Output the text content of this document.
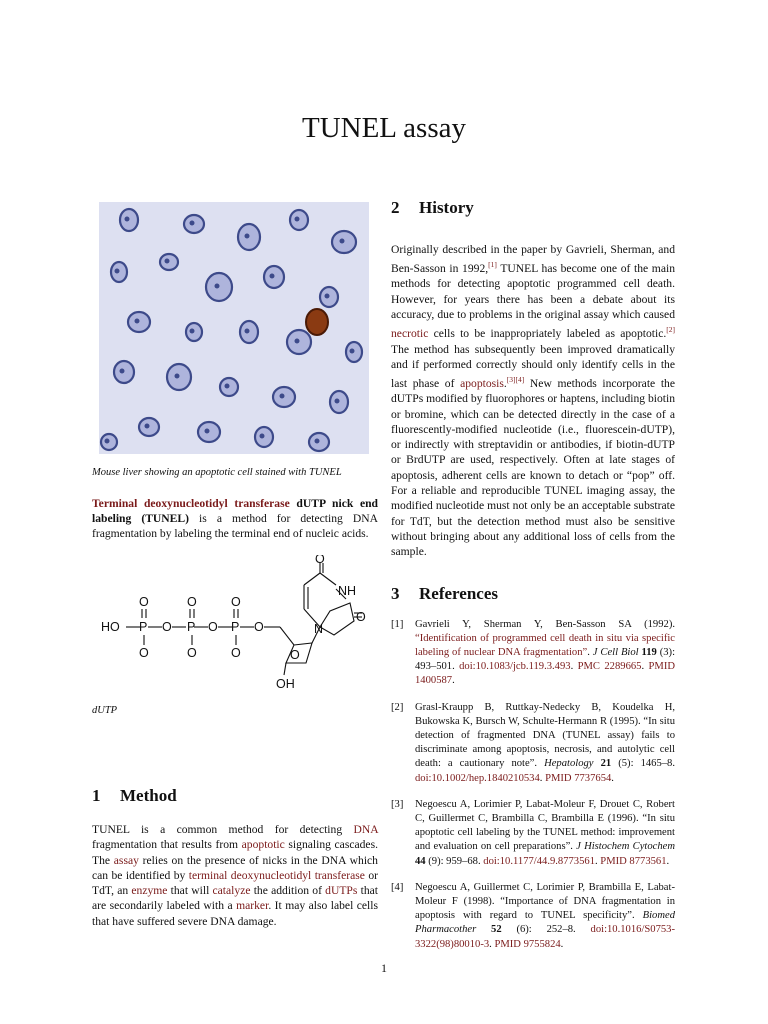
TUNEL assay
Mouse liver showing an apoptotic cell stained with TUNEL

Terminal deoxynucleotidyl transferase dUTP nick end labeling (TUNEL) is a method for detecting DNA fragmentation by labeling the terminal end of nucleic acids.

HO P O P O P O
O	O	O
O	O	O	O
O
NH
N
O
OH
dUTP
1 Method

TUNEL is a common method for detecting DNA fragmentation that results from apoptotic signaling cascades. The assay relies on the presence of nicks in the DNA which can be identified by terminal deoxynucleotidyl transferase or TdT, an enzyme that will catalyze the addition of dUTPs that are secondarily labeled with a marker. It may also label cells that have suffered severe DNA damage.

2 History

Originally described in the paper by Gavrieli, Sherman, and Ben-Sasson in 1992,[1] TUNEL has become one of the main methods for detecting apoptotic programmed cell death. However, for years there has been a debate about its accuracy, due to problems in the original assay which caused necrotic cells to be inappropriately labeled as apoptotic.[2] The method has subsequently been improved dramatically and if performed correctly should only identify cells in the last phase of apoptosis.[3][4] New methods incorporate the dUTPs modified by fluorophores or haptens, including biotin or bromine, which can be detected directly in the case of a fluorescently-modified nucleotide (i.e., fluorescein-dUTP), or indirectly with streptavidin or antibodies, if biotin-dUTP or BrdUTP are used, respectively. Often at late stages of apoptosis, adherent cells are known to detach or “pop” off. For a reliable and reproducible TUNEL imaging assay, the modified nucleotide must not only be an acceptable substrate for TdT, but the detection method must also be sensitive without bringing about any additional loss of cells from the sample.

3 References
[1]	Gavrieli Y, Sherman Y, Ben-Sasson SA (1992). “Identification of programmed cell death in situ via specific labeling of nuclear DNA fragmentation”. J Cell Biol 119 (3): 493–501. doi:10.1083/jcb.119.3.493. PMC 2289665. PMID 1400587.
[2]	Grasl-Kraupp B, Ruttkay-Nedecky B, Koudelka H, Bukowska K, Bursch W, Schulte-Hermann R (1995). “In situ detection of fragmented DNA (TUNEL assay) fails to discriminate among apoptosis, necrosis, and autolytic cell death: a cautionary note”. Hepatology 21 (5): 1465–8. doi:10.1002/hep.1840210534. PMID 7737654.
[3]	Negoescu A, Lorimier P, Labat-Moleur F, Drouet C, Robert C, Guillermet C, Brambilla C, Brambilla E (1996). “In situ apoptotic cell labeling by the TUNEL method: improvement and evaluation on cell preparations”. J Histochem Cytochem 44 (9): 959–68. doi:10.1177/44.9.8773561. PMID 8773561.
[4]	Negoescu A, Guillermet C, Lorimier P, Brambilla E, Labat-Moleur F (1998). “Importance of DNA fragmentation in apoptosis with regard to TUNEL specificity”. Biomed Pharmacother 52 (6): 252–8. doi:10.1016/S0753-3322(98)80010-3. PMID 9755824.
1
